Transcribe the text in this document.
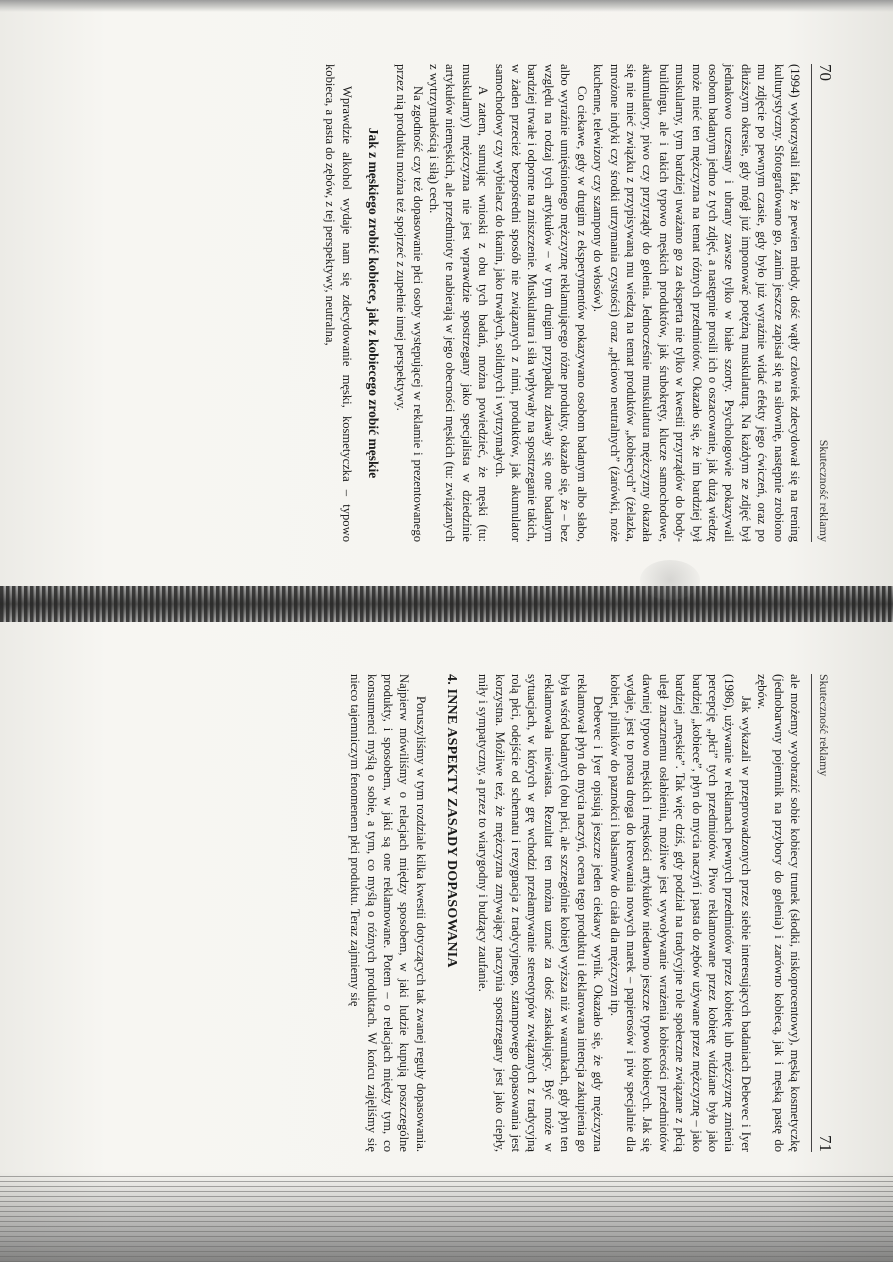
70
Skuteczność reklamy

(1994) wykorzystali fakt, że pewien młody, dość wątły człowiek zdecydował się na trening kulturystyczny. Sfotografowano go, zanim jeszcze zapisał się na siłownię, następnie zrobiono mu zdjęcie po pewnym czasie, gdy było już wyraźnie widać efekty jego ćwiczeń, oraz po dłuższym okresie, gdy mógł już imponować potężną muskulaturą. Na każdym ze zdjęć był jednakowo uczesany i ubrany zawsze tylko w białe szorty. Psychologowie pokazywali osobom badanym jedno z tych zdjęć, a następnie prosili ich o oszacowanie, jak dużą wiedzę może mieć ten mężczyzna na temat różnych przedmiotów. Okazało się, że im bardziej był muskularny, tym bardziej uważano go za eksperta nie tylko w kwestii przyrządów do body-buildingu, ale i takich typowo męskich produktów, jak śrubokręty, klucze samochodowe, akumulatory, piwo czy przyrządy do golenia. Jednocześnie muskulatura mężczyzny okazała się nie mieć związku z przypisywaną mu wiedzą na temat produktów „kobiecych” (żelazka, mrożone indyki czy środki utrzymania czystości) oraz „płciowo neutralnych” (żarówki, noże kuchenne, telewizory czy szampony do włosów).

Co ciekawe, gdy w drugim z eksperymentów pokazywano osobom badanym albo słabo, albo wyraźnie umięśnionego mężczyznę reklamującego różne produkty, okazało się, że – bez względu na rodzaj tych artykułów – w tym drugim przypadku zdawały się one badanym bardziej trwałe i odporne na zniszczenie. Muskulatura i siła wpływały na spostrzeganie takich, w żaden przecież bezpośredni sposób nie związanych z nimi, produktów, jak akumulator samochodowy czy wybielacz do tkanin, jako trwałych, solidnych i wytrzymałych.

A zatem, sumując wnioski z obu tych badań, można powiedzieć, że męski (tu: muskularny) mężczyzna nie jest wprawdzie spostrzegany jako specjalista w dziedzinie artykułów niemęskich, ale przedmioty te nabierają w jego obecności męskich (tu: związanych z wytrzymałością i siłą) cech.

Na zgodność czy też dopasowanie płci osoby występującej w reklamie i prezentowanego przez nią produktu można też spojrzeć z zupełnie innej perspektywy.

Jak z męskiego zrobić kobiece, jak z kobiecego zrobić męskie

Wprawdzie alkohol wydaje nam się zdecydowanie męski, kosmetyczka – typowo kobieca, a pasta do zębów, z tej perspektywy, neutralna,

Skuteczność reklamy
71

ale możemy wyobrazić sobie kobiecy trunek (słodki, niskoprocentowy), męską kosmetyczkę (jednobarwny pojemnik na przybory do golenia) i zarówno kobiecą, jak i męską pastę do zębów.

Jak wykazali w przeprowadzonych przez siebie interesujących badaniach Debevec i Iyer (1986), używanie w reklamach pewnych przedmiotów przez kobietę lub mężczyznę zmienia percepcję „płci” tych przedmiotów. Piwo reklamowane przez kobietę widziane było jako bardziej „kobiece”, płyn do mycia naczyń i pasta do zębów używane przez mężczyznę – jako bardziej „męskie”. Tak więc dziś, gdy podział na tradycyjne role społeczne związane z płcią uległ znacznemu osłabieniu, możliwe jest wywoływanie wrażenia kobiecości przedmiotów dawniej typowo męskich i męskości artykułów niedawno jeszcze typowo kobiecych. Jak się wydaje, jest to prosta droga do kreowania nowych marek – papierosów i piw specjalnie dla kobiet, pilników do paznokci i balsamów do ciała dla mężczyzn itp.

Debevec i Iyer opisują jeszcze jeden ciekawy wynik. Okazało się, że gdy mężczyzna reklamował płyn do mycia naczyń, ocena tego produktu i deklarowana intencja zakupienia go była wśród badanych (obu płci, ale szczególnie kobiet) wyższa niż w warunkach, gdy płyn ten reklamowała niewiasta. Rezultat ten można uznać za dość zaskakujący. Być może w sytuacjach, w których w grę wchodzi przełamywanie stereotypów związanych z tradycyjną rolą płci, odejście od schematu i rezygnacja z tradycyjnego, sztampowego dopasowania jest korzystna. Możliwe też, że mężczyzna zmywający naczynia spostrzegany jest jako ciepły, miły i sympatyczny, a przez to wiarygodny i budzący zaufanie.

4. INNE ASPEKTY ZASADY DOPASOWANIA

Poruszyliśmy w tym rozdziale kilka kwestii dotyczących tak zwanej reguły dopasowania. Najpierw mówiliśmy o relacjach między sposobem, w jaki ludzie kupują poszczególne produkty, i sposobem, w jaki są one reklamowane. Potem – o relacjach między tym, co konsumenci myślą o sobie, a tym, co myślą o różnych produktach. W końcu zajęliśmy się nieco tajemniczym fenomenem płci produktu. Teraz zajmiemy się
